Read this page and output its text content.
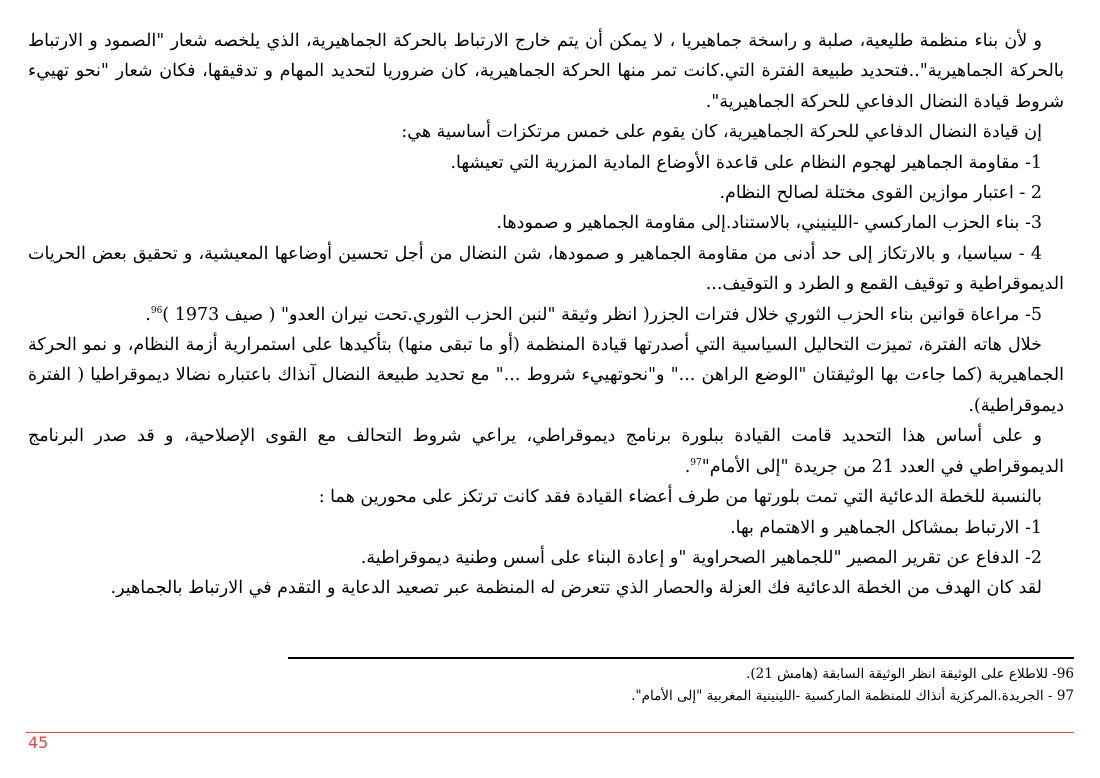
و لأن بناء منظمة طليعية، صلبة و راسخة جماهيريا ، لا يمكن أن يتم خارج الارتباط بالحركة الجماهيرية، الذي يلخصه شعار "الصمود و الارتباط بالحركة الجماهيرية"..فتحديد طبيعة الفترة التي.كانت تمر منها الحركة الجماهيرية، كان ضروريا لتحديد المهام و تدقيقها، فكان شعار "نحو تهييء شروط قيادة النضال الدفاعي للحركة الجماهيرية".

إن قيادة النضال الدفاعي للحركة الجماهيرية، كان يقوم على خمس مرتكزات أساسية هي:

1- مقاومة الجماهير لهجوم النظام على قاعدة الأوضاع المادية المزرية التي تعيشها.

2 - اعتبار موازين القوى مختلة لصالح النظام.

3- بناء الحزب الماركسي -اللينيني، بالاستناد.إلى مقاومة الجماهير و صمودها.

4 - سياسيا، و بالارتكاز إلى حد أدنى من مقاومة الجماهير و صمودها، شن النضال من أجل تحسين أوضاعها المعيشية، و تحقيق بعض الحريات الديموقراطية و توقيف القمع و الطرد و التوقيف...

5- مراعاة قوانين بناء الحزب الثوري خلال فترات الجزر( انظر وثيقة "لنبن الحزب الثوري.تحت نيران العدو" ( صيف 1973 )$^{96}$.

خلال هاته الفترة، تميزت التحاليل السياسية التي أصدرتها قيادة المنظمة (أو ما تبقى منها) بتأكيدها على استمرارية أزمة النظام، و نمو الحركة الجماهيرية (كما جاءت بها الوثيقتان "الوضع الراهن ..." و"نحوتهييء شروط ..." مع تحديد طبيعة النضال آنذاك باعتباره نضالا ديموقراطيا ( الفترة ديموقراطية).

و على أساس هذا التحديد قامت القيادة ببلورة برنامج ديموقراطي، يراعي شروط التحالف مع القوى الإصلاحية، و قد صدر البرنامج الديموقراطي في العدد 21 من جريدة "إلى الأمام"$^{97}$.

بالنسبة للخطة الدعائية التي تمت بلورتها من طرف أعضاء القيادة فقد كانت ترتكز على محورين هما :

1- الارتباط بمشاكل الجماهير و الاهتمام بها.

2- الدفاع عن تقرير المصير "للجماهير الصحراوية "و إعادة البناء على أسس وطنية ديموقراطية.

لقد كان الهدف من الخطة الدعائية فك العزلة والحصار الذي تتعرض له المنظمة عبر تصعيد الدعاية و التقدم في الارتباط بالجماهير.

96- للاطلاع على الوثيقة انظر الوثيقة السابقة (هامش 21).

97 - الجريدة.المركزية أنذاك للمنظمة الماركسية -اللينينية المغربية "إلى الأمام".

45
